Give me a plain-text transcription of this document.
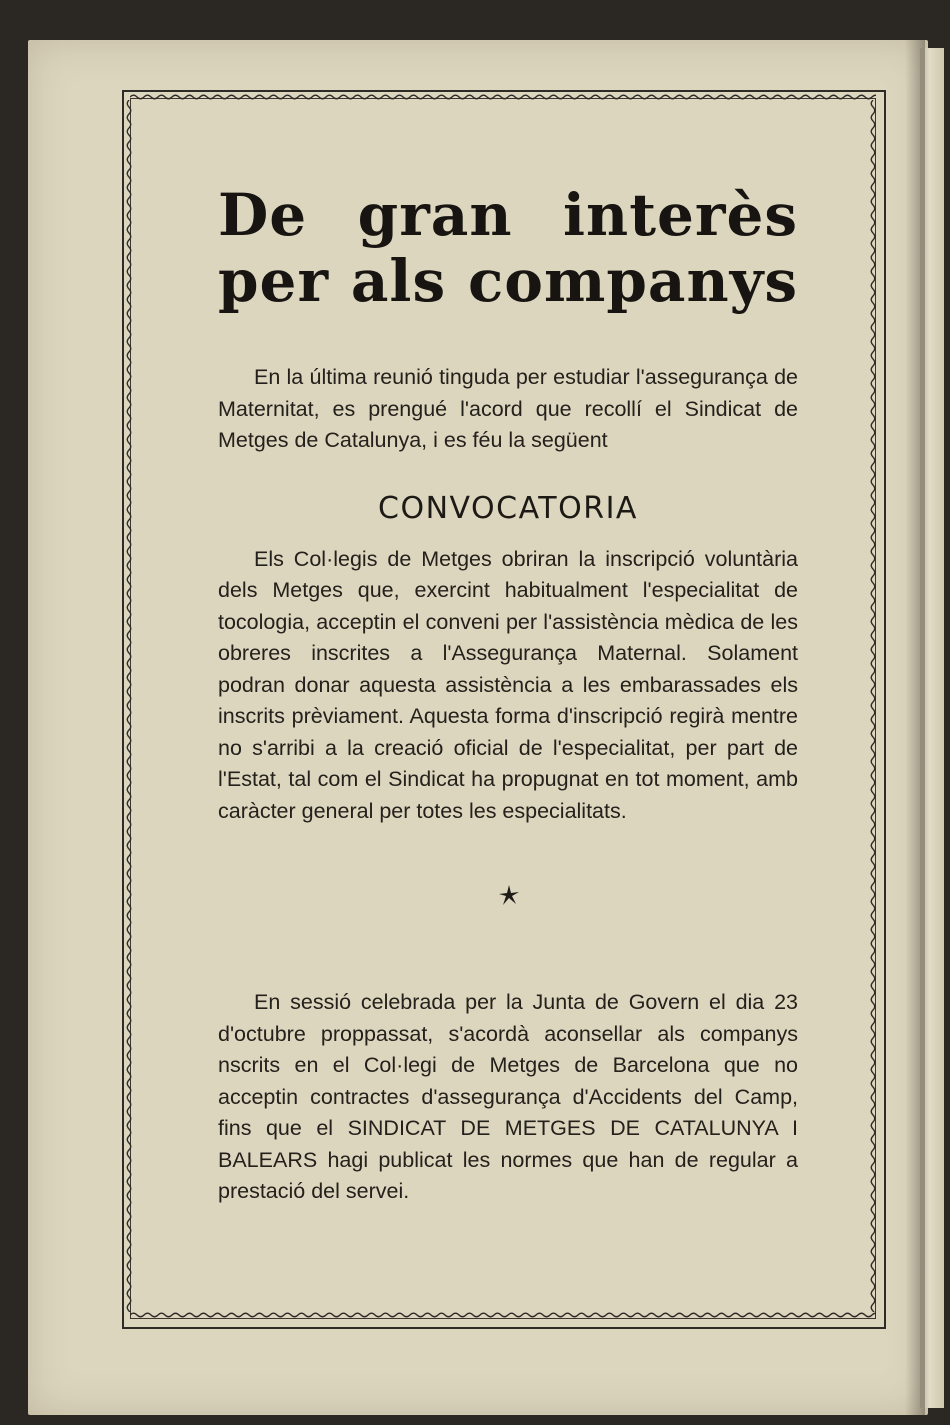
De gran interès
per als companys

En la última reunió tinguda per estudiar l'assegurança de Maternitat, es prengué l'acord que recollí el Sindicat de Metges de Catalunya, i es féu la següent

CONVOCATORIA

Els Col·legis de Metges obriran la inscripció voluntària dels Metges que, exercint habitualment l'especialitat de tocologia, acceptin el conveni per l'assistència mèdica de les obreres inscrites a l'Assegurança Maternal. Solament podran donar aquesta assistència a les embarassades els inscrits prèviament. Aquesta forma d'inscripció regirà mentre no s'arribi a la creació oficial de l'especialitat, per part de l'Estat, tal com el Sindicat ha propugnat en tot moment, amb caràcter general per totes les especialitats.

En sessió celebrada per la Junta de Govern el dia 23 d'octubre proppassat, s'acordà aconsellar als companys nscrits en el Col·legi de Metges de Barcelona que no acceptin contractes d'assegurança d'Accidents del Camp, fins que el SINDICAT DE METGES DE CATALUNYA I BALEARS hagi publicat les normes que han de regular a prestació del servei.
